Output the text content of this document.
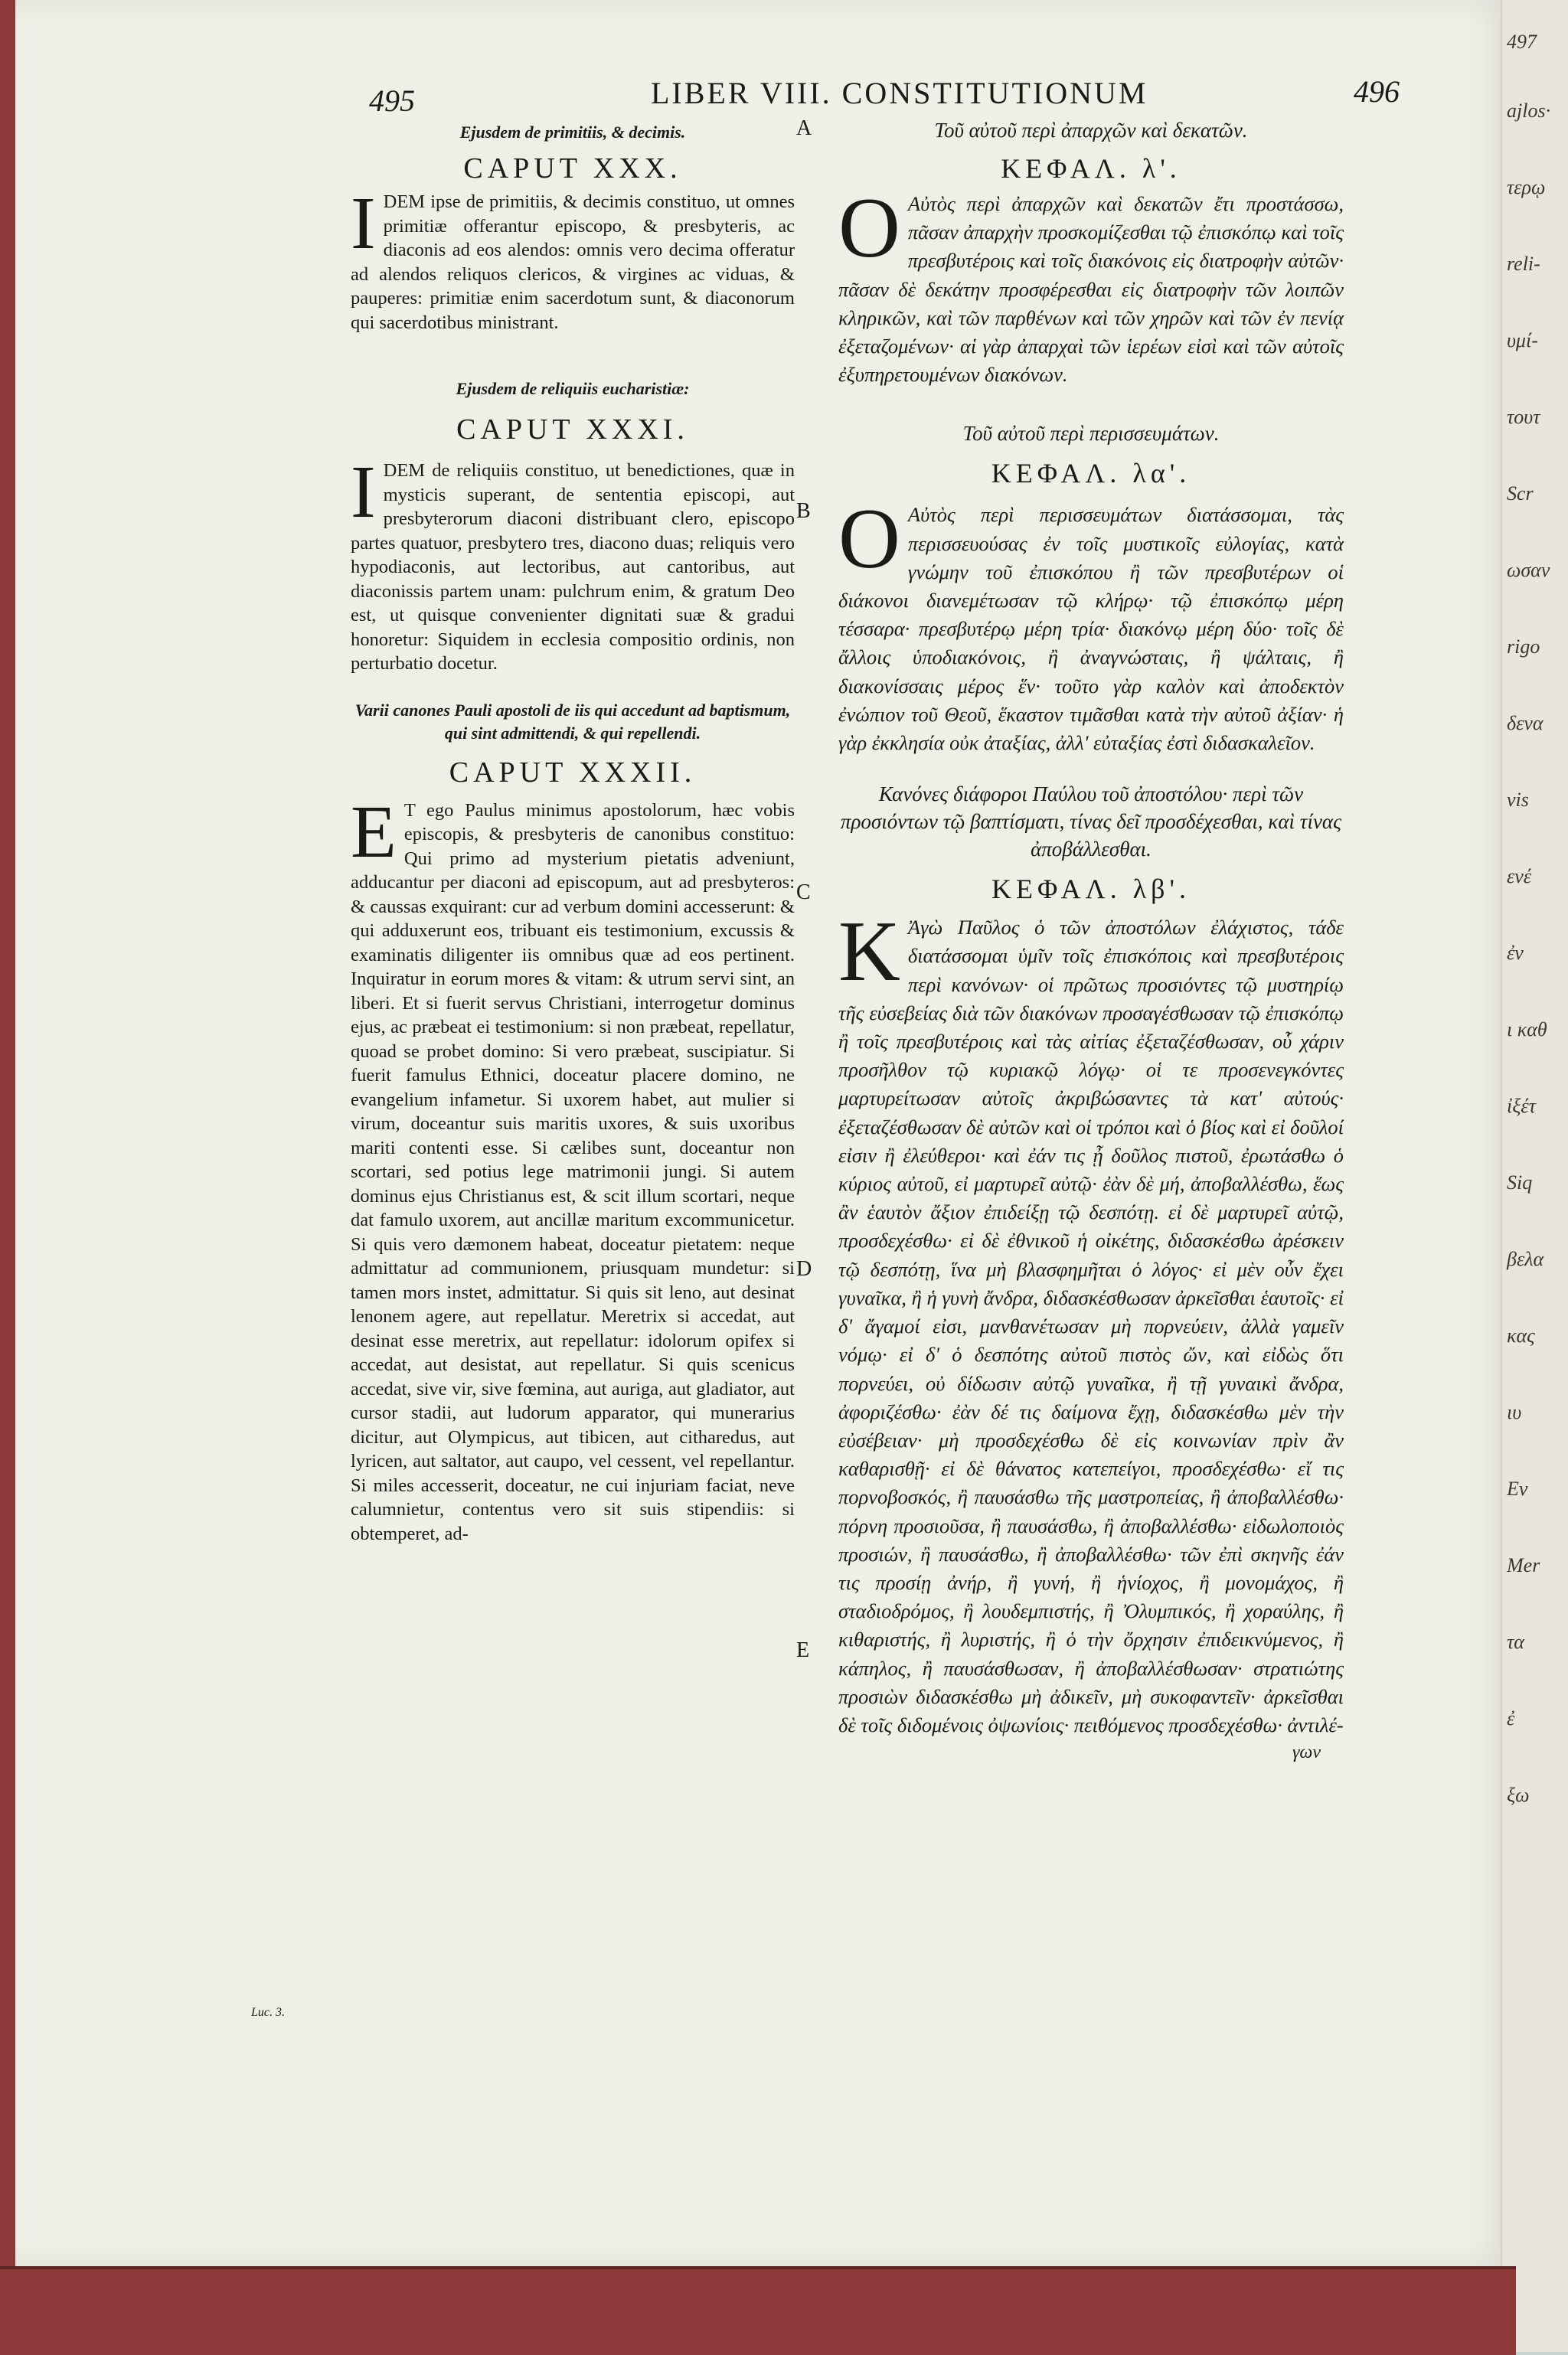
495	LIBER VIII. CONSTITUTIONUM	496
A
B
C
D
E
Luc. 3.

Ejusdem de primitiis, & decimis.

CAPUT XXX.

IDEM ipse de primitiis, & decimis constituo, ut omnes primitiæ offerantur episcopo, & presbyteris, ac diaconis ad eos alendos: omnis vero decima offeratur ad alendos reliquos clericos, & virgines ac viduas, & pauperes: primitiæ enim sacerdotum sunt, & diaconorum qui sacerdotibus ministrant.

Ejusdem de reliquiis eucharistiæ:

CAPUT XXXI.

IDEM de reliquiis constituo, ut benedictiones, quæ in mysticis superant, de sententia episcopi, aut presbyterorum diaconi distribuant clero, episcopo partes quatuor, presbytero tres, diacono duas; reliquis vero hypodiaconis, aut lectoribus, aut cantoribus, aut diaconissis partem unam: pulchrum enim, & gratum Deo est, ut quisque convenienter dignitati suæ & gradui honoretur: Siquidem in ecclesia compositio ordinis, non perturbatio docetur.

Varii canones Pauli apostoli de iis qui accedunt ad baptismum, qui sint admittendi, & qui repellendi.

CAPUT XXXII.

E T ego Paulus minimus apostolorum, hæc vobis episcopis, & presbyteris de canonibus constituo: Qui primo ad mysterium pietatis adveniunt, adducantur per diaconi ad episcopum, aut ad presbyteros: & caussas exquirant: cur ad verbum domini accesserunt: & qui adduxerunt eos, tribuant eis testimonium, excussis & examinatis diligenter iis omnibus quæ ad eos pertinent. Inquiratur in eorum mores & vitam: & utrum servi sint, an liberi. Et si fuerit servus Christiani, interrogetur dominus ejus, ac præbeat ei testimonium: si non præbeat, repellatur, quoad se probet domino: Si vero præbeat, suscipiatur. Si fuerit famulus Ethnici, doceatur placere domino, ne evangelium infametur. Si uxorem habet, aut mulier si virum, doceantur suis maritis uxores, & suis uxoribus mariti contenti esse. Si cælibes sunt, doceantur non scortari, sed potius lege matrimonii jungi. Si autem dominus ejus Christianus est, & scit illum scortari, neque dat famulo uxorem, aut ancillæ maritum excommunicetur. Si quis vero dæmonem habeat, doceatur pietatem: neque admittatur ad communionem, priusquam mundetur: si tamen mors instet, admittatur. Si quis sit leno, aut desinat lenonem agere, aut repellatur. Meretrix si accedat, aut desinat esse meretrix, aut repellatur: idolorum opifex si accedat, aut desistat, aut repellatur. Si quis scenicus accedat, sive vir, sive fœmina, aut auriga, aut gladiator, aut cursor stadii, aut ludorum apparator, qui munerarius dicitur, aut Olympicus, aut tibicen, aut citharedus, aut lyricen, aut saltator, aut caupo, vel cessent, vel repellantur. Si miles accesserit, doceatur, ne cui injuriam faciat, neve calumnietur, contentus vero sit suis stipendiis: si obtemperet, ad-

Τοῦ αὐτοῦ περὶ ἀπαρχῶν καὶ δεκατῶν.

ΚΕΦΑΛ. λ'.

Ο Αὐτὸς περὶ ἀπαρχῶν καὶ δεκατῶν ἔτι προστάσσω, πᾶσαν ἀπαρχὴν προσκομίζεσθαι τῷ ἐπισκόπῳ καὶ τοῖς πρεσβυτέροις καὶ τοῖς διακόνοις εἰς διατροφὴν αὐτῶν· πᾶσαν δὲ δεκάτην προσφέρεσθαι εἰς διατροφὴν τῶν λοιπῶν κληρικῶν, καὶ τῶν παρθένων καὶ τῶν χηρῶν καὶ τῶν ἐν πενίᾳ ἐξεταζομένων· αἱ γὰρ ἀπαρχαὶ τῶν ἱερέων εἰσὶ καὶ τῶν αὐτοῖς ἐξυπηρετουμένων διακόνων.

Τοῦ αὐτοῦ περὶ περισσευμάτων.

ΚΕΦΑΛ. λα'.

Ο Αὐτὸς περὶ περισσευμάτων διατάσσομαι, τὰς περισσευούσας ἐν τοῖς μυστικοῖς εὐλογίας, κατὰ γνώμην τοῦ ἐπισκόπου ἢ τῶν πρεσβυτέρων οἱ διάκονοι διανεμέτωσαν τῷ κλήρῳ· τῷ ἐπισκόπῳ μέρη τέσσαρα· πρεσβυτέρῳ μέρη τρία· διακόνῳ μέρη δύο· τοῖς δὲ ἄλλοις ὑποδιακόνοις, ἢ ἀναγνώσταις, ἢ ψάλταις, ἢ διακονίσσαις μέρος ἕν· τοῦτο γὰρ καλὸν καὶ ἀποδεκτὸν ἐνώπιον τοῦ Θεοῦ, ἕκαστον τιμᾶσθαι κατὰ τὴν αὐτοῦ ἀξίαν· ἡ γὰρ ἐκκλησία οὐκ ἀταξίας, ἀλλ' εὐταξίας ἐστὶ διδασκαλεῖον.

Κανόνες διάφοροι Παύλου τοῦ ἀποστόλου· περὶ τῶν προσιόντων τῷ βαπτίσματι, τίνας δεῖ προσδέχεσθαι, καὶ τίνας ἀποβάλλεσθαι.

ΚΕΦΑΛ. λβ'.

Κ Ἀγὼ Παῦλος ὁ τῶν ἀποστόλων ἐλάχιστος, τάδε διατάσσομαι ὑμῖν τοῖς ἐπισκόποις καὶ πρεσβυτέροις περὶ κανόνων· οἱ πρῶτως προσιόντες τῷ μυστηρίῳ τῆς εὐσεβείας διὰ τῶν διακόνων προσαγέσθωσαν τῷ ἐπισκόπῳ ἢ τοῖς πρεσβυτέροις καὶ τὰς αἰτίας ἐξεταζέσθωσαν, οὗ χάριν προσῆλθον τῷ κυριακῷ λόγῳ· οἱ τε προσενεγκόντες μαρτυρείτωσαν αὐτοῖς ἀκριβώσαντες τὰ κατ' αὐτούς· ἐξεταζέσθωσαν δὲ αὐτῶν καὶ οἱ τρόποι καὶ ὁ βίος καὶ εἰ δοῦλοί εἰσιν ἢ ἐλεύθεροι· καὶ ἐάν τις ᾖ δοῦλος πιστοῦ, ἐρωτάσθω ὁ κύριος αὐτοῦ, εἰ μαρτυρεῖ αὐτῷ· ἐὰν δὲ μή, ἀποβαλλέσθω, ἕως ἂν ἑαυτὸν ἄξιον ἐπιδείξῃ τῷ δεσπότῃ. εἰ δὲ μαρτυρεῖ αὐτῷ, προσδεχέσθω· εἰ δὲ ἐθνικοῦ ἡ οἰκέτης, διδασκέσθω ἀρέσκειν τῷ δεσπότῃ, ἵνα μὴ βλασφημῆται ὁ λόγος· εἰ μὲν οὖν ἔχει γυναῖκα, ἢ ἡ γυνὴ ἄνδρα, διδασκέσθωσαν ἀρκεῖσθαι ἑαυτοῖς· εἰ δ' ἄγαμοί εἰσι, μανθανέτωσαν μὴ πορνεύειν, ἀλλὰ γαμεῖν νόμῳ· εἰ δ' ὁ δεσπότης αὐτοῦ πιστὸς ὤν, καὶ εἰδὼς ὅτι πορνεύει, οὐ δίδωσιν αὐτῷ γυναῖκα, ἢ τῇ γυναικὶ ἄνδρα, ἀφοριζέσθω· ἐὰν δέ τις δαίμονα ἔχῃ, διδασκέσθω μὲν τὴν εὐσέβειαν· μὴ προσδεχέσθω δὲ εἰς κοινωνίαν πρὶν ἂν καθαρισθῇ· εἰ δὲ θάνατος κατεπείγοι, προσδεχέσθω· εἴ τις πορνοβοσκός, ἢ παυσάσθω τῆς μαστροπείας, ἢ ἀποβαλλέσθω· πόρνη προσιοῦσα, ἢ παυσάσθω, ἢ ἀποβαλλέσθω· εἰδωλοποιὸς προσιών, ἢ παυσάσθω, ἢ ἀποβαλλέσθω· τῶν ἐπὶ σκηνῆς ἐάν τις προσίῃ ἀνήρ, ἢ γυνή, ἢ ἡνίοχος, ἢ μονομάχος, ἢ σταδιοδρόμος, ἢ λουδεμπιστής, ἢ Ὀλυμπικός, ἢ χοραύλης, ἢ κιθαριστής, ἢ λυριστής, ἢ ὁ τὴν ὄρχησιν ἐπιδεικνύμενος, ἢ κάπηλος, ἢ παυσάσθωσαν, ἢ ἀποβαλλέσθωσαν· στρατιώτης προσιὼν διδασκέσθω μὴ ἀδικεῖν, μὴ συκοφαντεῖν· ἀρκεῖσθαι δὲ τοῖς διδομένοις ὀψωνίοις· πειθόμενος προσδεχέσθω· ἀντιλέ-

γων

497
ajlos·
τερῳ
reli-
υμί-
τουτ
Scr
ωσαν
rigo
δενα
vis
ενέ
ἐν
ι καθ
ἰξέτ
Siq
βελα
κας
ιυ
Εν
Mer
τα
ἐ
ξω
